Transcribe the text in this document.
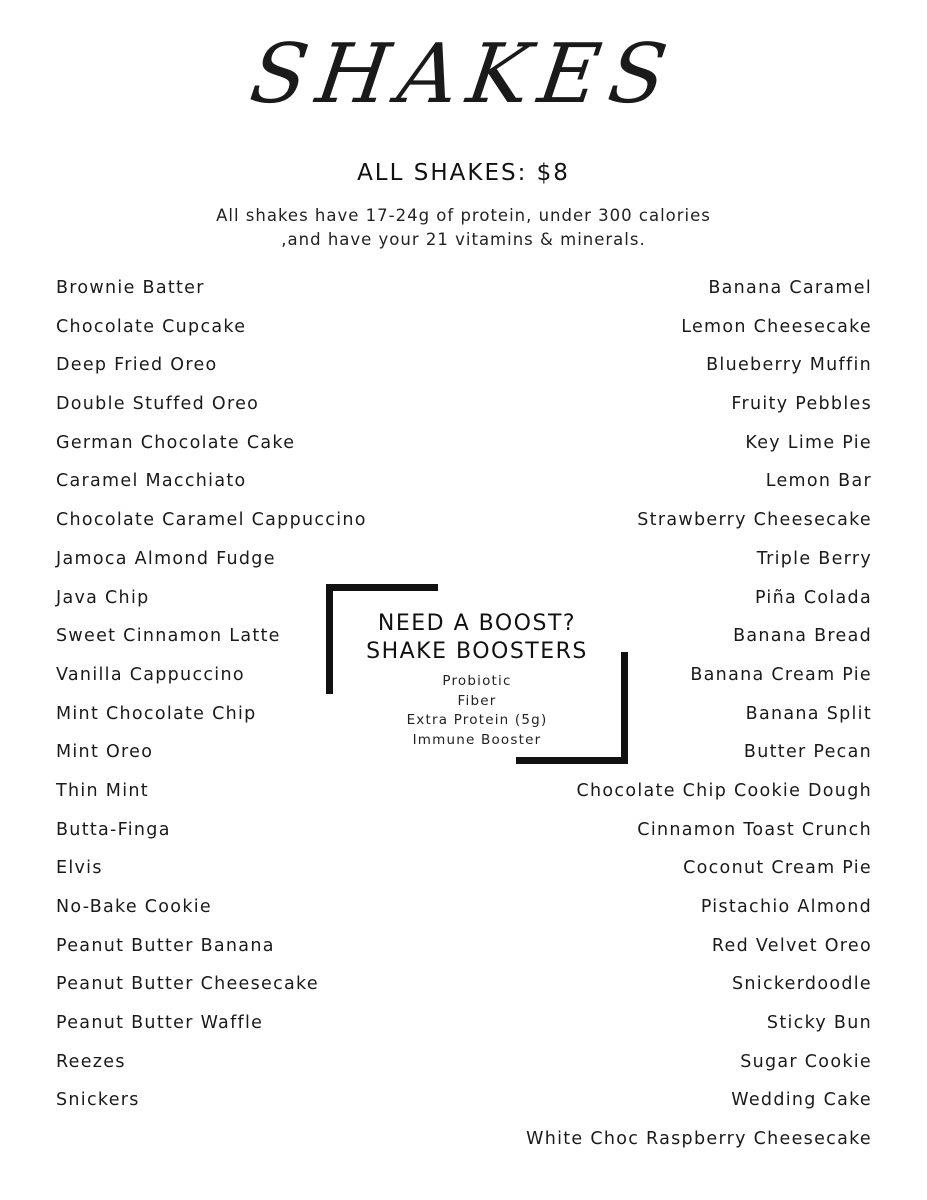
SHAKES
ALL SHAKES: $8
All shakes have 17-24g of protein, under 300 calories
,and have your 21 vitamins & minerals.
Brownie Batter
Chocolate Cupcake
Deep Fried Oreo
Double Stuffed Oreo
German Chocolate Cake
Caramel Macchiato
Chocolate Caramel Cappuccino
Jamoca Almond Fudge
Java Chip
Sweet Cinnamon Latte
Vanilla Cappuccino
Mint Chocolate Chip
Mint Oreo
Thin Mint
Butta-Finga
Elvis
No-Bake Cookie
Peanut Butter Banana
Peanut Butter Cheesecake
Peanut Butter Waffle
Reezes
Snickers
Banana Caramel
Lemon Cheesecake
Blueberry Muffin
Fruity Pebbles
Key Lime Pie
Lemon Bar
Strawberry Cheesecake
Triple Berry
Piña Colada
Banana Bread
Banana Cream Pie
Banana Split
Butter Pecan
Chocolate Chip Cookie Dough
Cinnamon Toast Crunch
Coconut Cream Pie
Pistachio Almond
Red Velvet Oreo
Snickerdoodle
Sticky Bun
Sugar Cookie
Wedding Cake
White Choc Raspberry Cheesecake
NEED A BOOST?
SHAKE BOOSTERS
Probiotic
Fiber
Extra Protein (5g)
Immune Booster
